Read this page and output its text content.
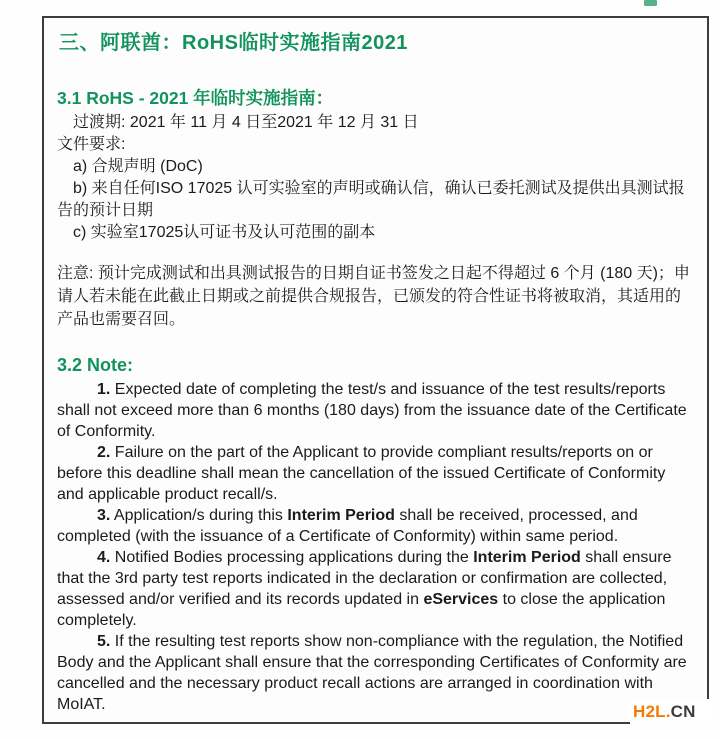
三、阿联酋：RoHS临时实施指南2021
3.1 RoHS - 2021 年临时实施指南：

过渡期: 2021 年 11 月 4 日至2021 年 12 月 31 日

文件要求:

a) 合规声明 (DoC)

b) 来自任何ISO 17025 认可实验室的声明或确认信，确认已委托测试及提供出具测试报告的预计日期

c) 实验室17025认可证书及认可范围的副本

注意: 预计完成测试和出具测试报告的日期自证书签发之日起不得超过 6 个月 (180 天)；申请人若未能在此截止日期或之前提供合规报告，已颁发的符合性证书将被取消，其适用的产品也需要召回。

3.2 Note:

1. Expected date of completing the test/s and issuance of the test results/reports shall not exceed more than 6 months (180 days) from the issuance date of the Certificate of Conformity.

2. Failure on the part of the Applicant to provide compliant results/reports on or before this deadline shall mean the cancellation of the issued Certificate of Conformity and applicable product recall/s.

3. Application/s during this Interim Period shall be received, processed, and completed (with the issuance of a Certificate of Conformity) within same period.

4. Notified Bodies processing applications during the Interim Period shall ensure that the 3rd party test reports indicated in the declaration or confirmation are collected, assessed and/or verified and its records updated in eServices to close the application completely.

5. If the resulting test reports show non-compliance with the regulation, the Notified Body and the Applicant shall ensure that the corresponding Certificates of Conformity are cancelled and the necessary product recall actions are arranged in coordination with MoIAT.	H2L.CN
